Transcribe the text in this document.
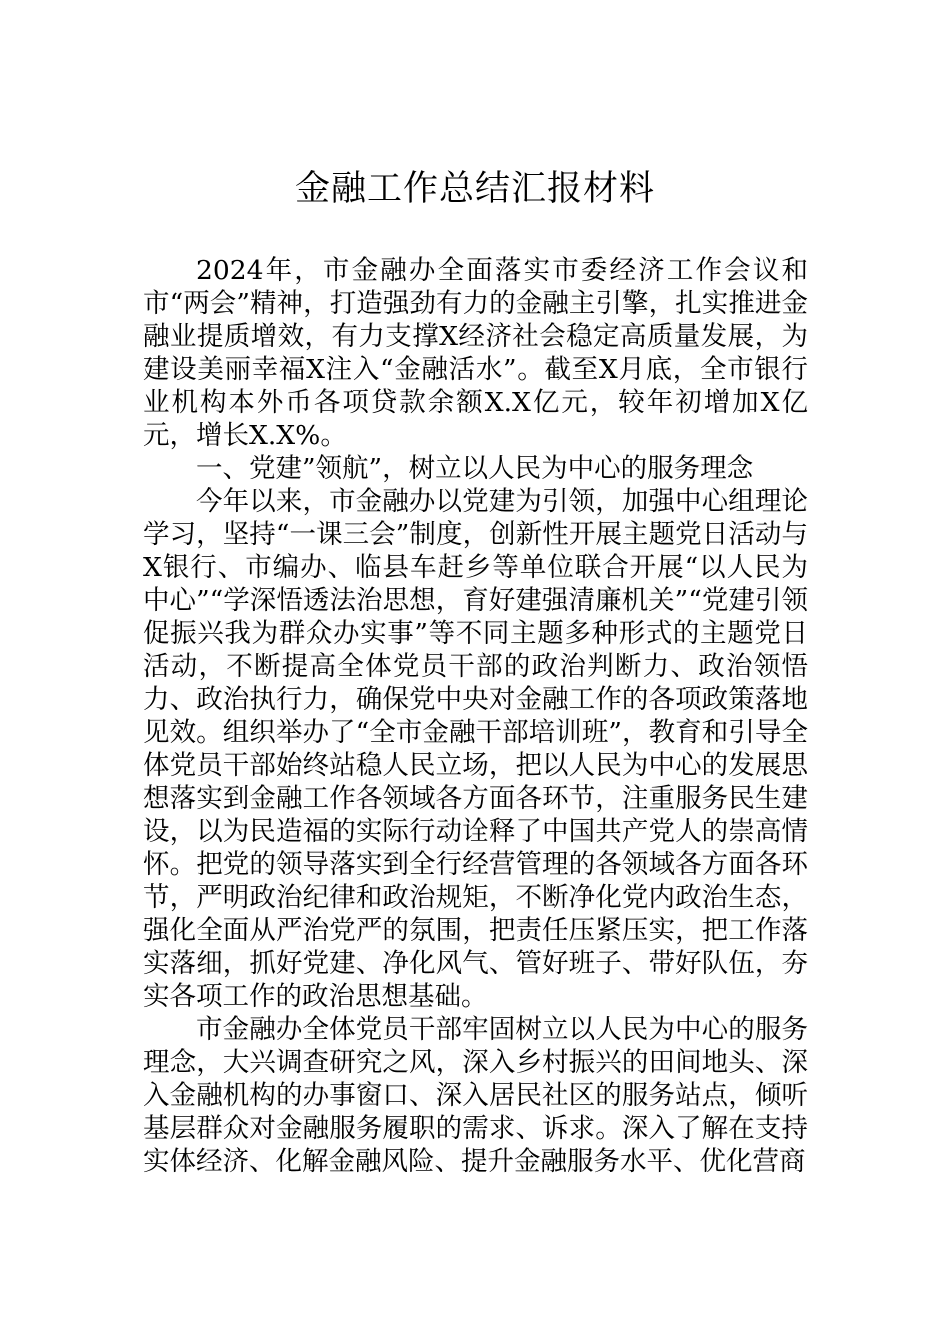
金融工作总结汇报材料

2024年，市金融办全面落实市委经济工作会议和市“两会”精神，打造强劲有力的金融主引擎，扎实推进金融业提质增效，有力支撑X经济社会稳定高质量发展，为建设美丽幸福X注入“金融活水”。截至X月底，全市银行业机构本外币各项贷款余额X.X亿元，较年初增加X亿元，增长X.X%。

一、党建”领航”，树立以人民为中心的服务理念

今年以来，市金融办以党建为引领，加强中心组理论学习，坚持“一课三会”制度，创新性开展主题党日活动与X银行、市编办、临县车赶乡等单位联合开展“以人民为中心”“学深悟透法治思想，育好建强清廉机关”“党建引领促振兴我为群众办实事”等不同主题多种形式的主题党日活动，不断提高全体党员干部的政治判断力、政治领悟力、政治执行力，确保党中央对金融工作的各项政策落地见效。组织举办了“全市金融干部培训班”，教育和引导全体党员干部始终站稳人民立场，把以人民为中心的发展思想落实到金融工作各领域各方面各环节，注重服务民生建设，以为民造福的实际行动诠释了中国共产党人的崇高情怀。把党的领导落实到全行经营管理的各领域各方面各环节，严明政治纪律和政治规矩，不断净化党内政治生态，强化全面从严治党严的氛围，把责任压紧压实，把工作落实落细，抓好党建、净化风气、管好班子、带好队伍，夯实各项工作的政治思想基础。

市金融办全体党员干部牢固树立以人民为中心的服务理念，大兴调查研究之风，深入乡村振兴的田间地头、深入金融机构的办事窗口、深入居民社区的服务站点，倾听基层群众对金融服务履职的需求、诉求。深入了解在支持实体经济、化解金融风险、提升金融服务水平、优化营商
